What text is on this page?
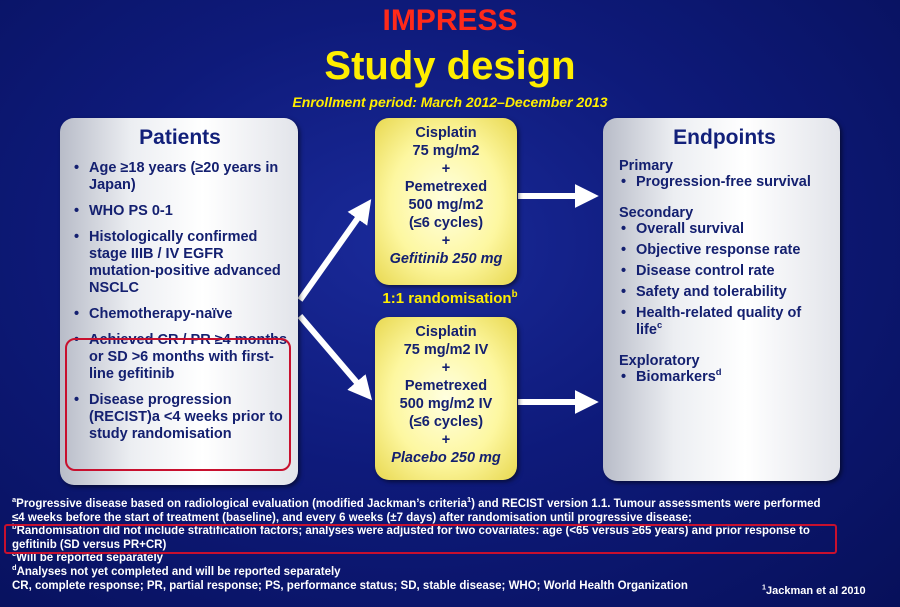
IMPRESS
Study design
Enrollment period: March 2012–December 2013
Patients
• Age ≥18 years (≥20 years in Japan)
• WHO PS 0-1
• Histologically confirmed stage IIIB / IV EGFR mutation-positive advanced NSCLC
• Chemotherapy-naïve
• Achieved CR / PR ≥4 months or SD >6 months with first-line gefitinib
• Disease progression (RECIST)a <4 weeks prior to study randomisation
Cisplatin
75 mg/m2
+
Pemetrexed
500 mg/m2
(≤6 cycles)
+
Gefitinib 250 mg
1:1 randomisation$^b$
Cisplatin
75 mg/m2 IV
+
Pemetrexed
500 mg/m2 IV
(≤6 cycles)
+
Placebo 250 mg
Endpoints
Primary
• Progression-free survival
Secondary
• Overall survival
• Objective response rate
• Disease control rate
• Safety and tolerability
• Health-related quality of life$^c$
Exploratory
• Biomarkers$^d$
$^a$Progressive disease based on radiological evaluation (modified Jackman’s criteria$^1$) and RECIST version 1.1. Tumour assessments were performed ≤4 weeks before the start of treatment (baseline), and every 6 weeks (±7 days) after randomisation until progressive disease;
$^b$Randomisation did not include stratification factors; analyses were adjusted for two covariates: age (<65 versus ≥65 years) and prior response to gefitinib (SD versus PR+CR)
$^c$Will be reported separately
$^d$Analyses not yet completed and will be reported separately
CR, complete response; PR, partial response; PS, performance status; SD, stable disease; WHO; World Health Organization	$^1$Jackman et al 2010
